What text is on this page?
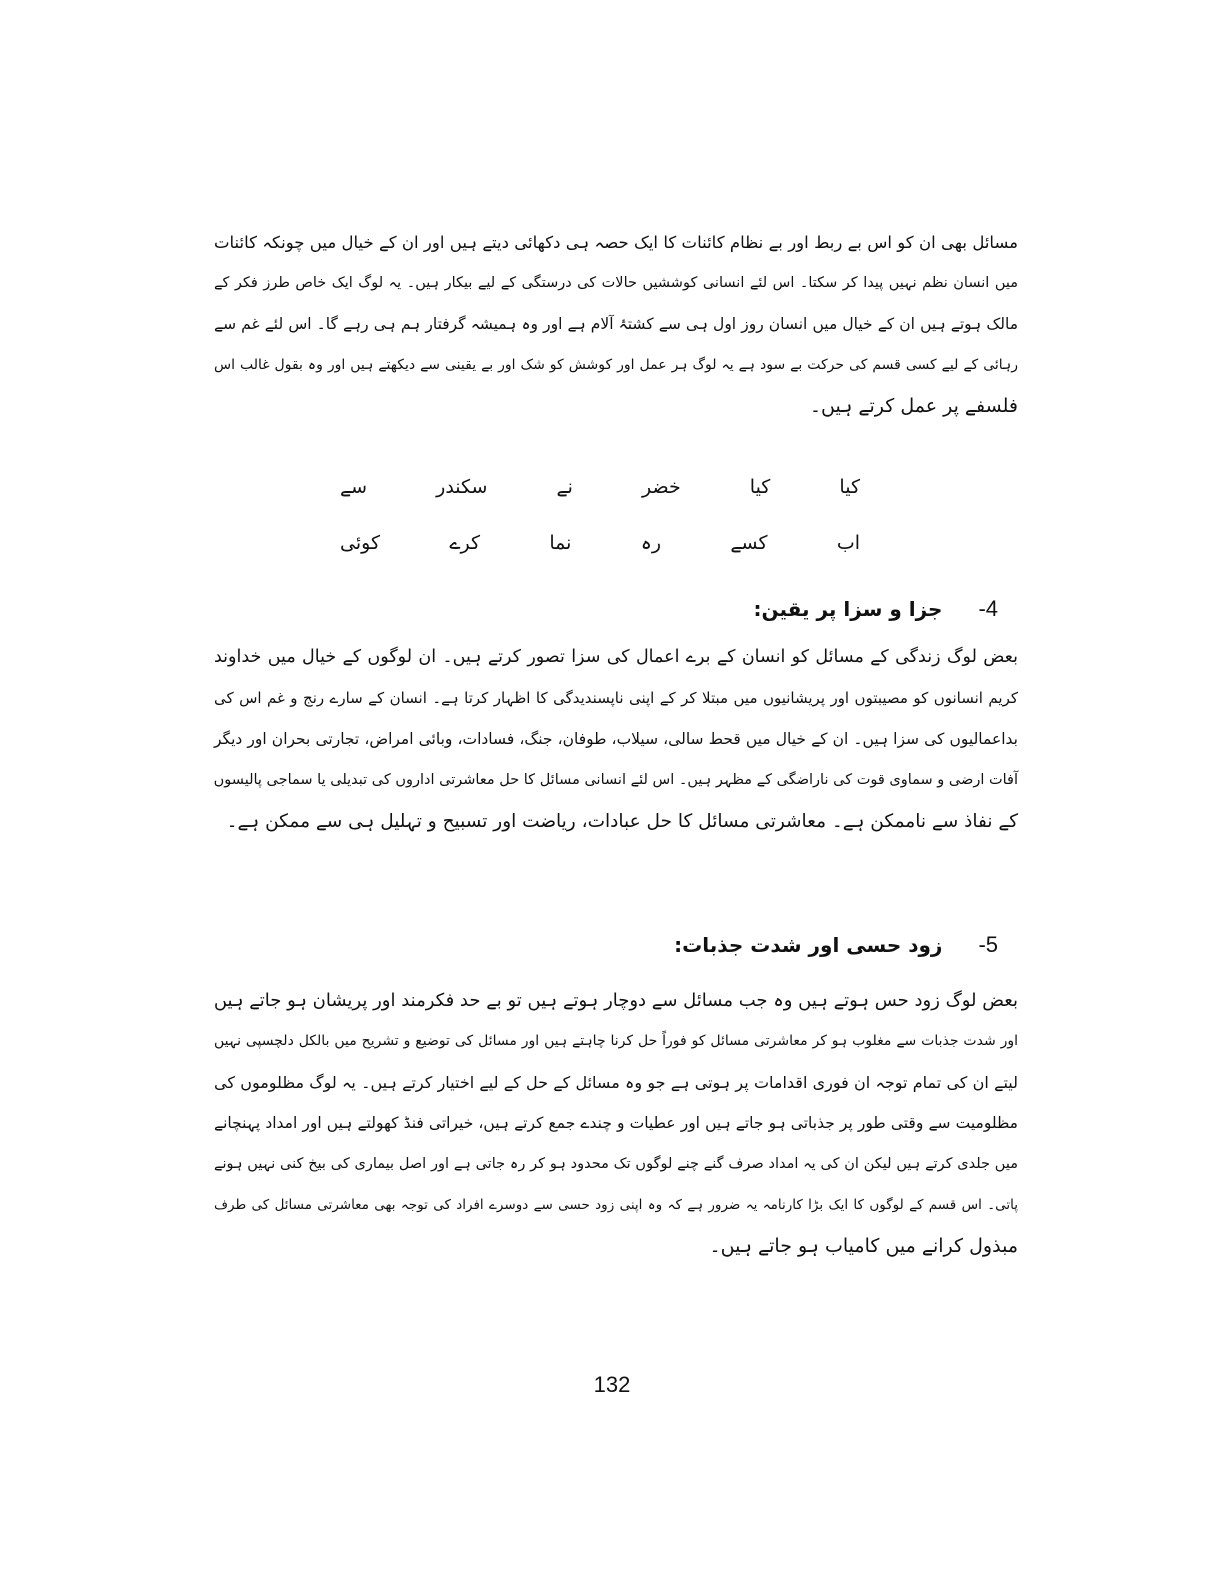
مسائل بھی ان کو اس بے ربط اور بے نظام کائنات کا ایک حصہ ہی دکھائی دیتے ہیں اور ان کے خیال میں چونکہ کائنات
میں انسان نظم نہیں پیدا کر سکتا۔ اس لئے انسانی کوششیں حالات کی درستگی کے لیے بیکار ہیں۔ یہ لوگ ایک خاص طرز فکر کے
مالک ہوتے ہیں ان کے خیال میں انسان روز اول ہی سے کشتۂ آلام ہے اور وہ ہمیشہ گرفتار ہم ہی رہے گا۔ اس لئے غم سے
رہائی کے لیے کسی قسم کی حرکت بے سود ہے یہ لوگ ہر عمل اور کوشش کو شک اور بے یقینی سے دیکھتے ہیں اور وہ بقول غالب اس
فلسفے پر عمل کرتے ہیں۔
کیا
کیا
خضر
نے
سکندر
سے
اب
کسے
رہ
نما
کرے
کوئی
-4
جزا و سزا پر یقین:
بعض لوگ زندگی کے مسائل کو انسان کے برے اعمال کی سزا تصور کرتے ہیں۔ ان لوگوں کے خیال میں خداوند
کریم انسانوں کو مصیبتوں اور پریشانیوں میں مبتلا کر کے اپنی ناپسندیدگی کا اظہار کرتا ہے۔ انسان کے سارے رنج و غم اس کی
بداعمالیوں کی سزا ہیں۔ ان کے خیال میں قحط سالی، سیلاب، طوفان، جنگ، فسادات، وبائی امراض، تجارتی بحران اور دیگر
آفات ارضی و سماوی قوت کی ناراضگی کے مظہر ہیں۔ اس لئے انسانی مسائل کا حل معاشرتی اداروں کی تبدیلی یا سماجی پالیسوں
کے نفاذ سے ناممکن ہے۔ معاشرتی مسائل کا حل عبادات، ریاضت اور تسبیح و تہلیل ہی سے ممکن ہے۔
-5
زود حسی اور شدت جذبات:
بعض لوگ زود حس ہوتے ہیں وہ جب مسائل سے دوچار ہوتے ہیں تو بے حد فکرمند اور پریشان ہو جاتے ہیں
اور شدت جذبات سے مغلوب ہو کر معاشرتی مسائل کو فوراً حل کرنا چاہتے ہیں اور مسائل کی توضیع و تشریح میں بالکل دلچسپی نہیں
لیتے ان کی تمام توجہ ان فوری اقدامات پر ہوتی ہے جو وہ مسائل کے حل کے لیے اختیار کرتے ہیں۔ یہ لوگ مظلوموں کی
مظلومیت سے وقتی طور پر جذباتی ہو جاتے ہیں اور عطیات و چندے جمع کرتے ہیں، خیراتی فنڈ کھولتے ہیں اور امداد پہنچانے
میں جلدی کرتے ہیں لیکن ان کی یہ امداد صرف گنے چنے لوگوں تک محدود ہو کر رہ جاتی ہے اور اصل بیماری کی بیخ کنی نہیں ہونے
پاتی۔ اس قسم کے لوگوں کا ایک بڑا کارنامہ یہ ضرور ہے کہ وہ اپنی زود حسی سے دوسرے افراد کی توجہ بھی معاشرتی مسائل کی طرف
مبذول کرانے میں کامیاب ہو جاتے ہیں۔
132
